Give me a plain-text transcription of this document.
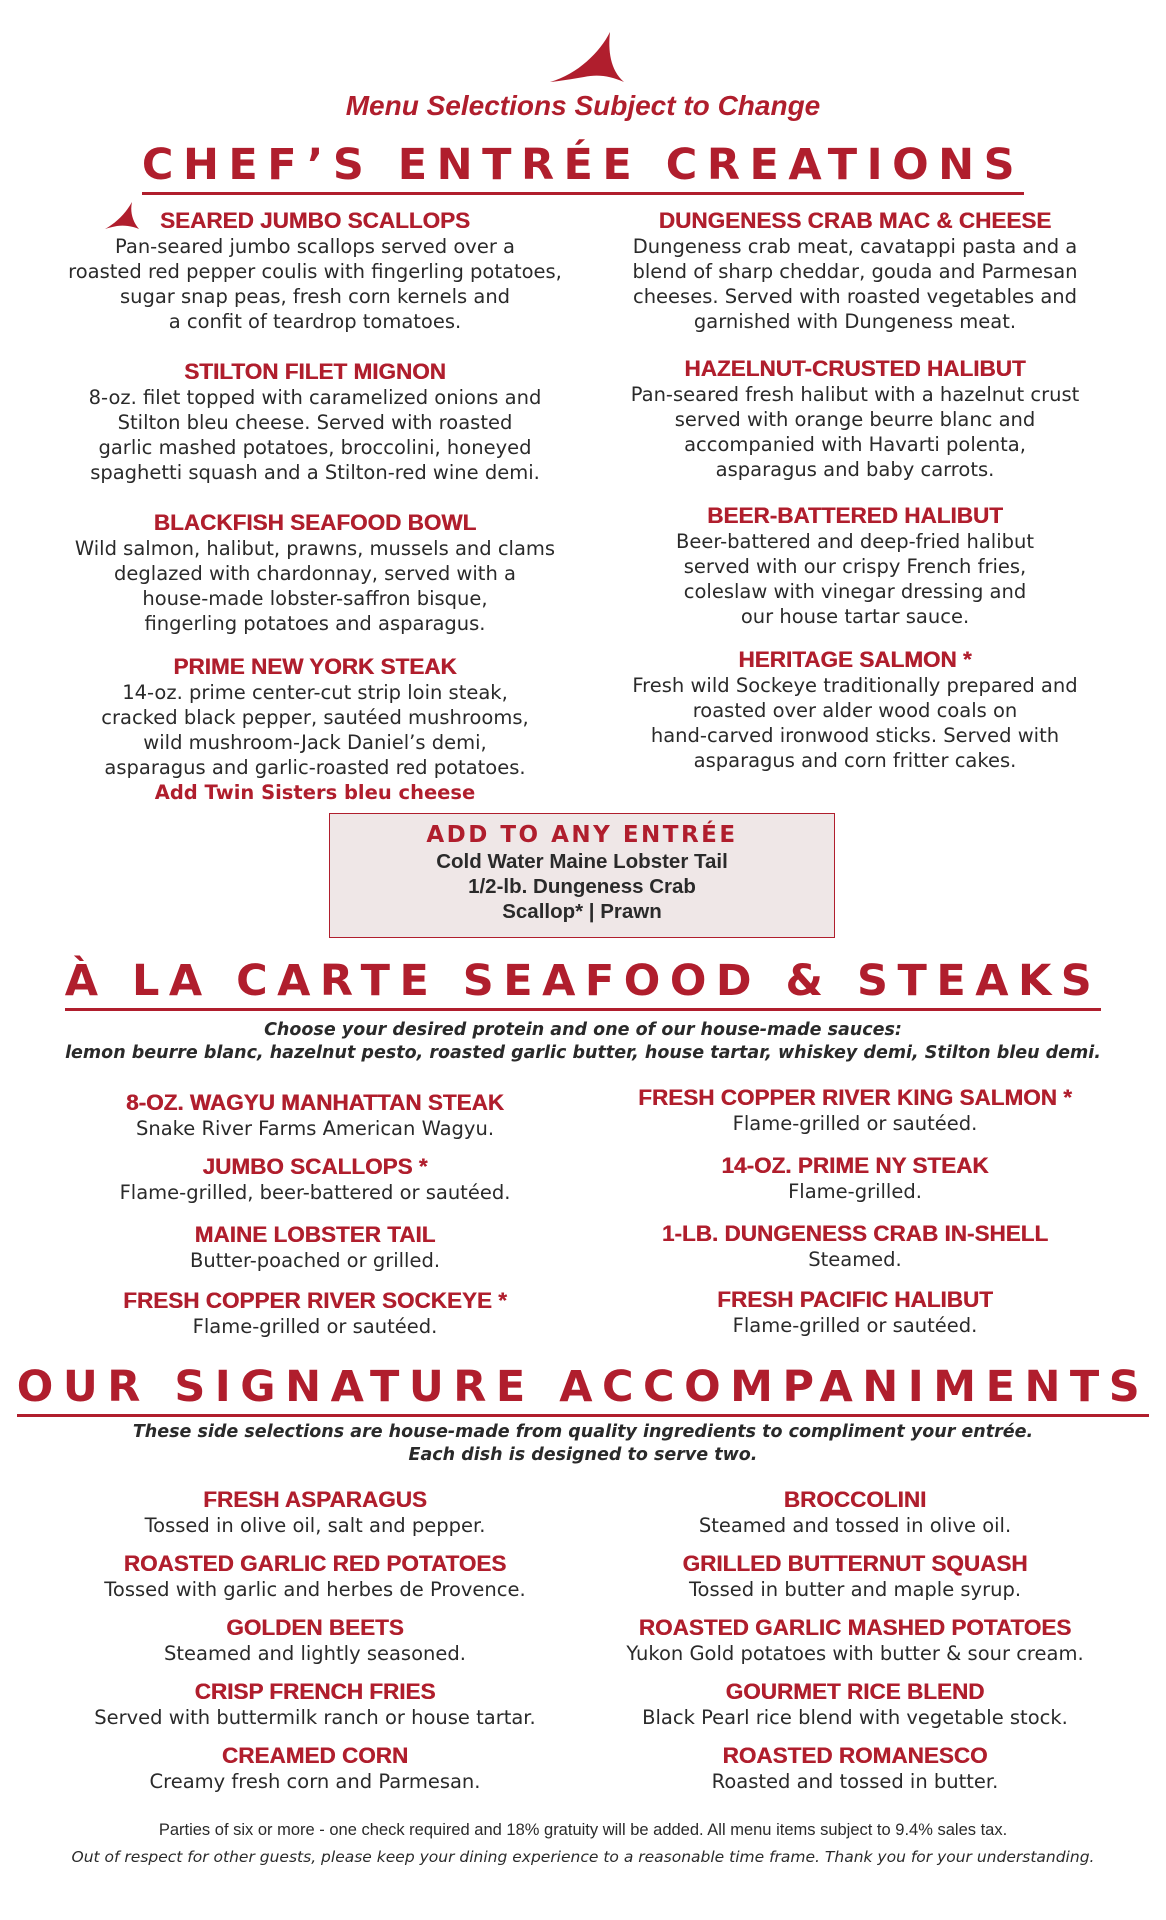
Menu Selections Subject to Change
CHEF’S ENTRÉE CREATIONS
SEARED JUMBO SCALLOPS
Pan-seared jumbo scallops served over a
roasted red pepper coulis with fingerling potatoes,
sugar snap peas, fresh corn kernels and
a confit of teardrop tomatoes.
STILTON FILET MIGNON
8-oz. filet topped with caramelized onions and
Stilton bleu cheese. Served with roasted
garlic mashed potatoes, broccolini, honeyed
spaghetti squash and a Stilton-red wine demi.
BLACKFISH SEAFOOD BOWL
Wild salmon, halibut, prawns, mussels and clams
deglazed with chardonnay, served with a
house-made lobster-saffron bisque,
fingerling potatoes and asparagus.
PRIME NEW YORK STEAK
14-oz. prime center-cut strip loin steak,
cracked black pepper, sautéed mushrooms,
wild mushroom-Jack Daniel’s demi,
asparagus and garlic-roasted red potatoes.
Add Twin Sisters bleu cheese
DUNGENESS CRAB MAC & CHEESE
Dungeness crab meat, cavatappi pasta and a
blend of sharp cheddar, gouda and Parmesan
cheeses. Served with roasted vegetables and
garnished with Dungeness meat.
HAZELNUT-CRUSTED HALIBUT
Pan-seared fresh halibut with a hazelnut crust
served with orange beurre blanc and
accompanied with Havarti polenta,
asparagus and baby carrots.
BEER-BATTERED HALIBUT
Beer-battered and deep-fried halibut
served with our crispy French fries,
coleslaw with vinegar dressing and
our house tartar sauce.
HERITAGE SALMON *
Fresh wild Sockeye traditionally prepared and
roasted over alder wood coals on
hand-carved ironwood sticks. Served with
asparagus and corn fritter cakes.
ADD TO ANY ENTRÉE
Cold Water Maine Lobster Tail
1/2-lb. Dungeness Crab
Scallop* | Prawn
À LA CARTE SEAFOOD & STEAKS

Choose your desired protein and one of our house-made sauces:

lemon beurre blanc, hazelnut pesto, roasted garlic butter, house tartar, whiskey demi, Stilton bleu demi.

8-OZ. WAGYU MANHATTAN STEAK
Snake River Farms American Wagyu.
JUMBO SCALLOPS *
Flame-grilled, beer-battered or sautéed.
MAINE LOBSTER TAIL
Butter-poached or grilled.
FRESH COPPER RIVER SOCKEYE *
Flame-grilled or sautéed.
FRESH COPPER RIVER KING SALMON *
Flame-grilled or sautéed.
14-OZ. PRIME NY STEAK
Flame-grilled.
1-LB. DUNGENESS CRAB IN-SHELL
Steamed.
FRESH PACIFIC HALIBUT
Flame-grilled or sautéed.
OUR SIGNATURE ACCOMPANIMENTS

These side selections are house-made from quality ingredients to compliment your entrée.

Each dish is designed to serve two.

FRESH ASPARAGUS
Tossed in olive oil, salt and pepper.
ROASTED GARLIC RED POTATOES
Tossed with garlic and herbes de Provence.
GOLDEN BEETS
Steamed and lightly seasoned.
CRISP FRENCH FRIES
Served with buttermilk ranch or house tartar.
CREAMED CORN
Creamy fresh corn and Parmesan.
BROCCOLINI
Steamed and tossed in olive oil.
GRILLED BUTTERNUT SQUASH
Tossed in butter and maple syrup.
ROASTED GARLIC MASHED POTATOES
Yukon Gold potatoes with butter & sour cream.
GOURMET RICE BLEND
Black Pearl rice blend with vegetable stock.
ROASTED ROMANESCO
Roasted and tossed in butter.

Parties of six or more - one check required and 18% gratuity will be added. All menu items subject to 9.4% sales tax.

Out of respect for other guests, please keep your dining experience to a reasonable time frame. Thank you for your understanding.
